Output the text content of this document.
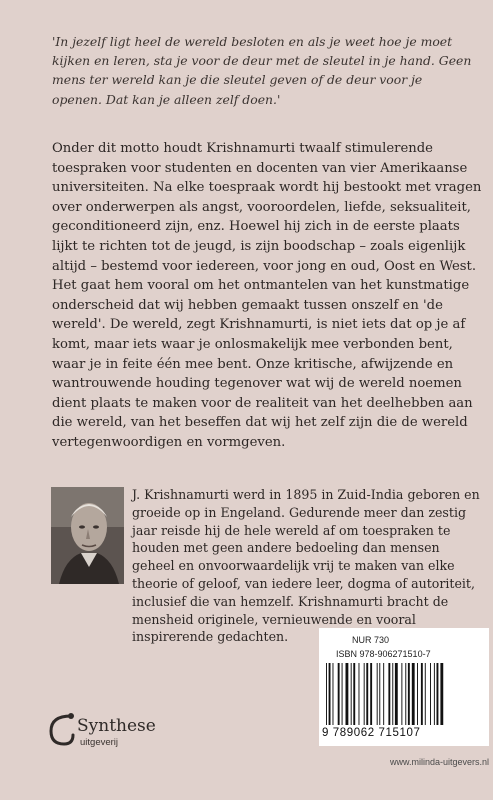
'In jezelf ligt heel de wereld besloten en als je weet hoe je moet kijken en leren, sta je voor de deur met de sleutel in je hand. Geen mens ter wereld kan je die sleutel geven of de deur voor je openen. Dat kan je alleen zelf doen.'

Onder dit motto houdt Krishnamurti twaalf stimulerende toespraken voor studenten en docenten van vier Amerikaanse universiteiten. Na elke toespraak wordt hij bestookt met vragen over onderwerpen als angst, vooroordelen, liefde, seksualiteit, geconditioneerd zijn, enz. Hoewel hij zich in de eerste plaats lijkt te richten tot de jeugd, is zijn boodschap – zoals eigenlijk altijd – bestemd voor iedereen, voor jong en oud, Oost en West. Het gaat hem vooral om het ontmantelen van het kunstmatige onderscheid dat wij hebben gemaakt tussen onszelf en 'de wereld'. De wereld, zegt Krishnamurti, is niet iets dat op je af komt, maar iets waar je onlosmakelijk mee verbonden bent, waar je in feite één mee bent. Onze kritische, afwijzende en wantrouwende houding tegenover wat wij de wereld noemen dient plaats te maken voor de realiteit van het deelhebben aan die wereld, van het beseffen dat wij het zelf zijn die de wereld vertegenwoordigen en vormgeven.

J. Krishnamurti werd in 1895 in Zuid-India geboren en groeide op in Engeland. Gedurende meer dan zestig jaar reisde hij de hele wereld af om toespraken te houden met geen andere bedoeling dan mensen geheel en onvoorwaardelijk vrij te maken van elke theorie of geloof, van iedere leer, dogma of autoriteit, inclusief die van hemzelf. Krishnamurti bracht de mensheid originele, vernieuwende en vooral inspirerende gedachten.

Synthese
uitgeverij

NUR 730

ISBN 978-906271510-7

9 789062 715107

www.milinda-uitgevers.nl
